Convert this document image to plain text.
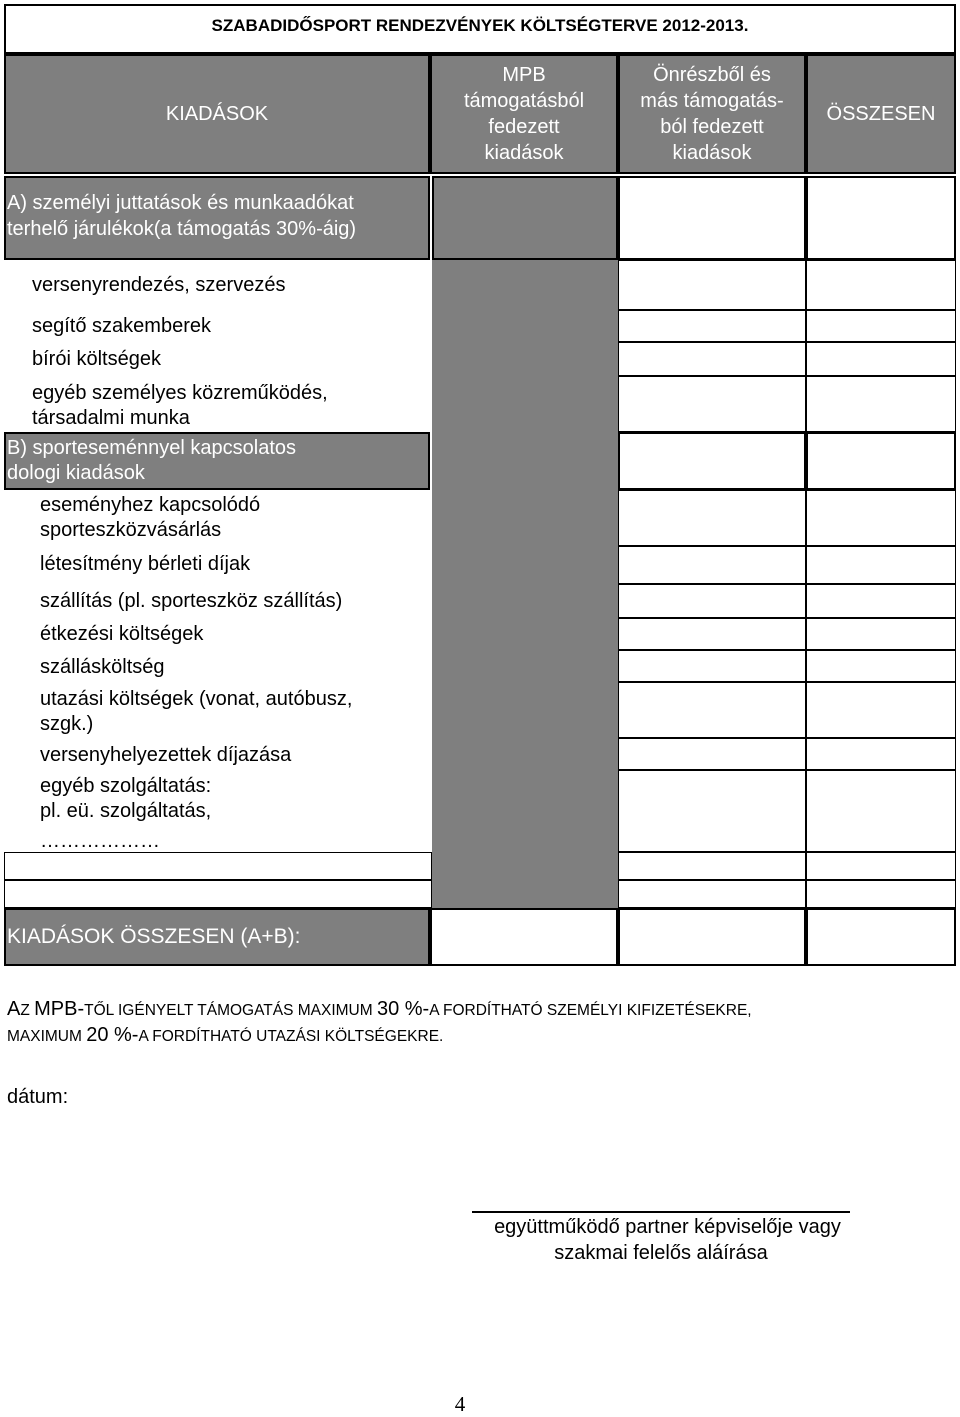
SZABADIDŐSPORT RENDEZVÉNYEK KÖLTSÉGTERVE 2012-2013.
KIADÁSOK
MPB
támogatásból
fedezett
kiadások
Önrészből és
más támogatás-
ból fedezett
kiadások
ÖSSZESEN
A) személyi juttatások és munkaadókat
terhelő járulékok(a támogatás 30%-áig)
versenyrendezés, szervezés
segítő szakemberek
bírói költségek
egyéb személyes közreműködés,
társadalmi munka
B) sporteseménnyel kapcsolatos
dologi kiadások
eseményhez kapcsolódó
sporteszközvásárlás
létesítmény bérleti díjak
szállítás (pl. sporteszköz szállítás)
étkezési költségek
szállásköltség
utazási költségek (vonat, autóbusz,
szgk.)
versenyhelyezettek díjazása
egyéb szolgáltatás:
pl. eü. szolgáltatás,
………………
KIADÁSOK ÖSSZESEN (A+B):
AZ MPB-TŐL IGÉNYELT TÁMOGATÁS MAXIMUM 30 %-A FORDÍTHATÓ SZEMÉLYI KIFIZETÉSEKRE,
MAXIMUM 20 %-A FORDÍTHATÓ UTAZÁSI KÖLTSÉGEKRE.
dátum:
együttműködő partner képviselője vagy
szakmai felelős aláírása
4
